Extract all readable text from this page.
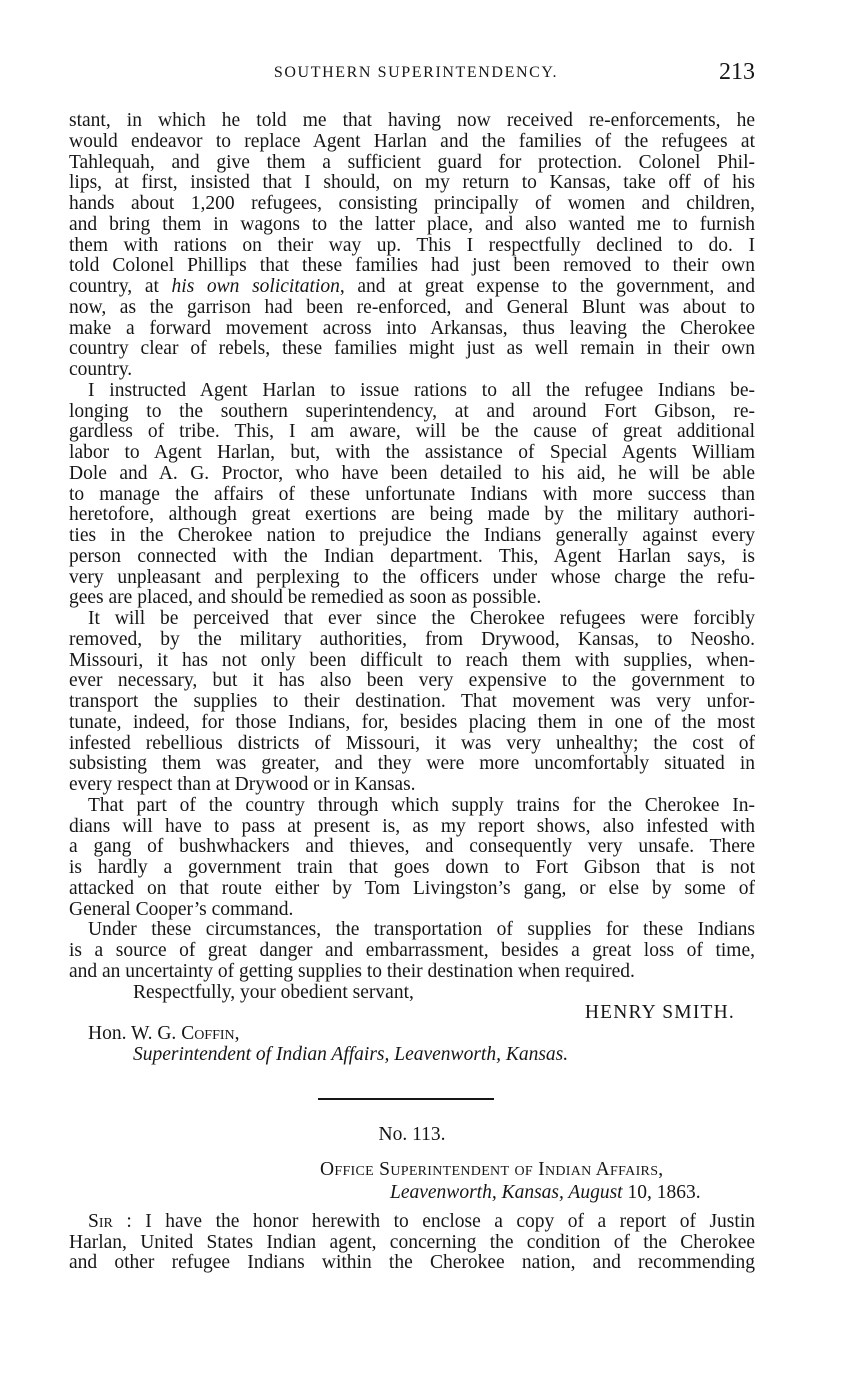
SOUTHERN SUPERINTENDENCY.	213
stant, in which he told me that having now received re-enforcements, he
would endeavor to replace Agent Harlan and the families of the refugees at
Tahlequah, and give them a sufficient guard for protection. Colonel Phil-
lips, at first, insisted that I should, on my return to Kansas, take off of his
hands about 1,200 refugees, consisting principally of women and children,
and bring them in wagons to the latter place, and also wanted me to furnish
them with rations on their way up. This I respectfully declined to do. I
told Colonel Phillips that these families had just been removed to their own
country, at his own solicitation, and at great expense to the government, and
now, as the garrison had been re-enforced, and General Blunt was about to
make a forward movement across into Arkansas, thus leaving the Cherokee
country clear of rebels, these families might just as well remain in their own
country.
I instructed Agent Harlan to issue rations to all the refugee Indians be-
longing to the southern superintendency, at and around Fort Gibson, re-
gardless of tribe. This, I am aware, will be the cause of great additional
labor to Agent Harlan, but, with the assistance of Special Agents William
Dole and A. G. Proctor, who have been detailed to his aid, he will be able
to manage the affairs of these unfortunate Indians with more success than
heretofore, although great exertions are being made by the military authori-
ties in the Cherokee nation to prejudice the Indians generally against every
person connected with the Indian department. This, Agent Harlan says, is
very unpleasant and perplexing to the officers under whose charge the refu-
gees are placed, and should be remedied as soon as possible.
It will be perceived that ever since the Cherokee refugees were forcibly
removed, by the military authorities, from Drywood, Kansas, to Neosho.
Missouri, it has not only been difficult to reach them with supplies, when-
ever necessary, but it has also been very expensive to the government to
transport the supplies to their destination. That movement was very unfor-
tunate, indeed, for those Indians, for, besides placing them in one of the most
infested rebellious districts of Missouri, it was very unhealthy; the cost of
subsisting them was greater, and they were more uncomfortably situated in
every respect than at Drywood or in Kansas.
That part of the country through which supply trains for the Cherokee In-
dians will have to pass at present is, as my report shows, also infested with
a gang of bushwhackers and thieves, and consequently very unsafe. There
is hardly a government train that goes down to Fort Gibson that is not
attacked on that route either by Tom Livingston’s gang, or else by some of
General Cooper’s command.
Under these circumstances, the transportation of supplies for these Indians
is a source of great danger and embarrassment, besides a great loss of time,
and an uncertainty of getting supplies to their destination when required.
Respectfully, your obedient servant,
HENRY SMITH.
Hon. W. G. Coffin,
Superintendent of Indian Affairs, Leavenworth, Kansas.
No. 113.
Office Superintendent of Indian Affairs,
Leavenworth, Kansas, August 10, 1863.
Sir : I have the honor herewith to enclose a copy of a report of Justin
Harlan, United States Indian agent, concerning the condition of the Cherokee
and other refugee Indians within the Cherokee nation, and recommending
